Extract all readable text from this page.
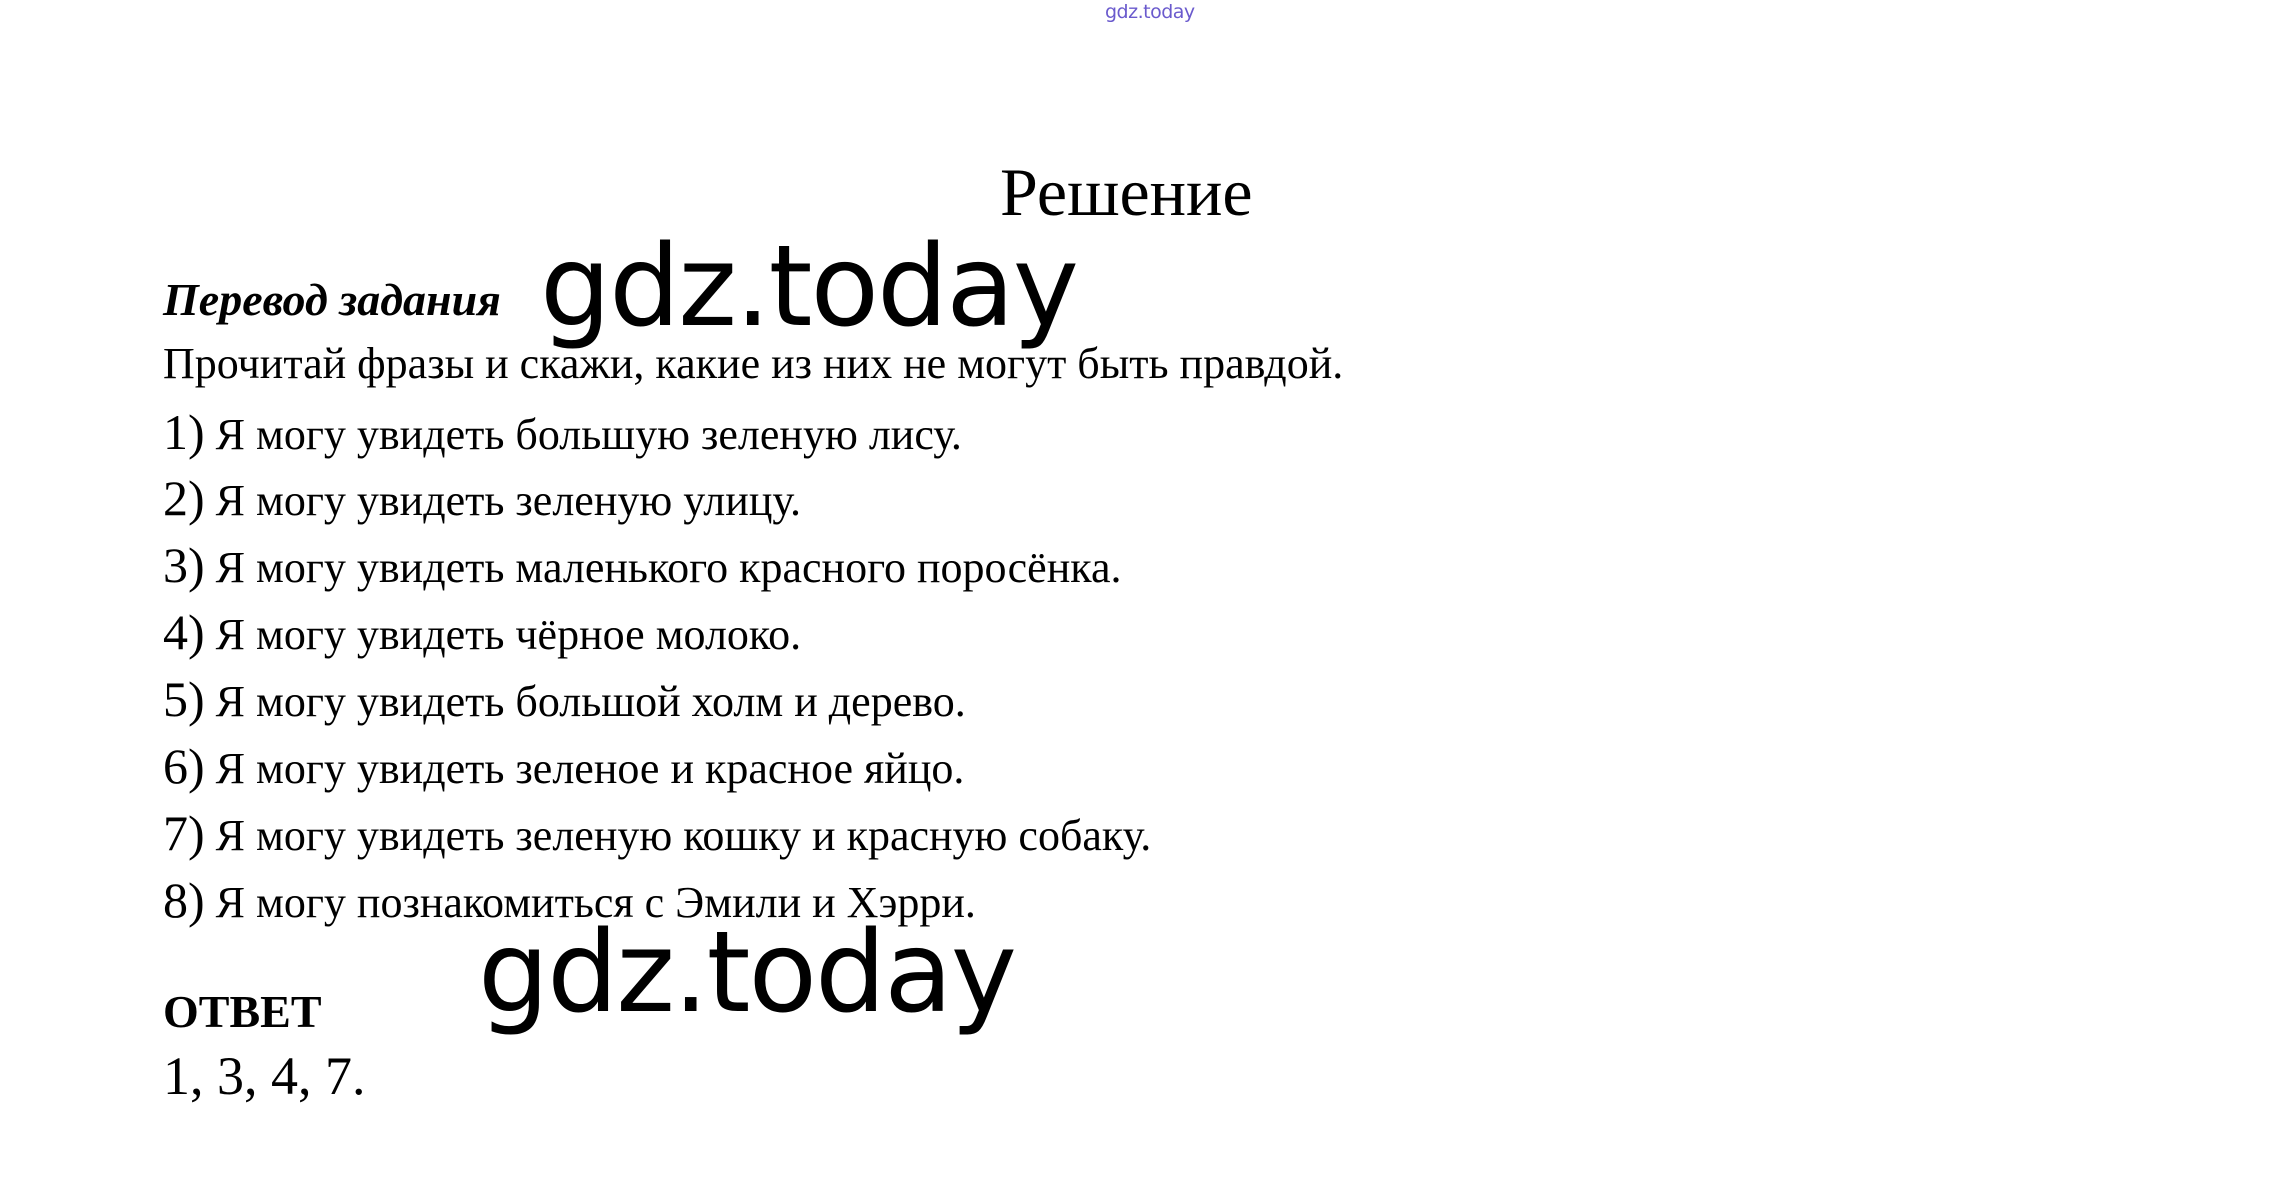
gdz.today
Решение
Перевод задания gdz.today
Прочитай фразы и скажи, какие из них не могут быть правдой.
1) Я могу увидеть большую зеленую лису.
2) Я могу увидеть зеленую улицу.
3) Я могу увидеть маленького красного поросёнка.
4) Я могу увидеть чёрное молоко.
5) Я могу увидеть большой холм и дерево.
6) Я могу увидеть зеленое и красное яйцо.
7) Я могу увидеть зеленую кошку и красную собаку.
8) Я могу познакомиться с Эмили и Хэрри.
gdz.today
ОТВЕТ
1, 3, 4, 7.
